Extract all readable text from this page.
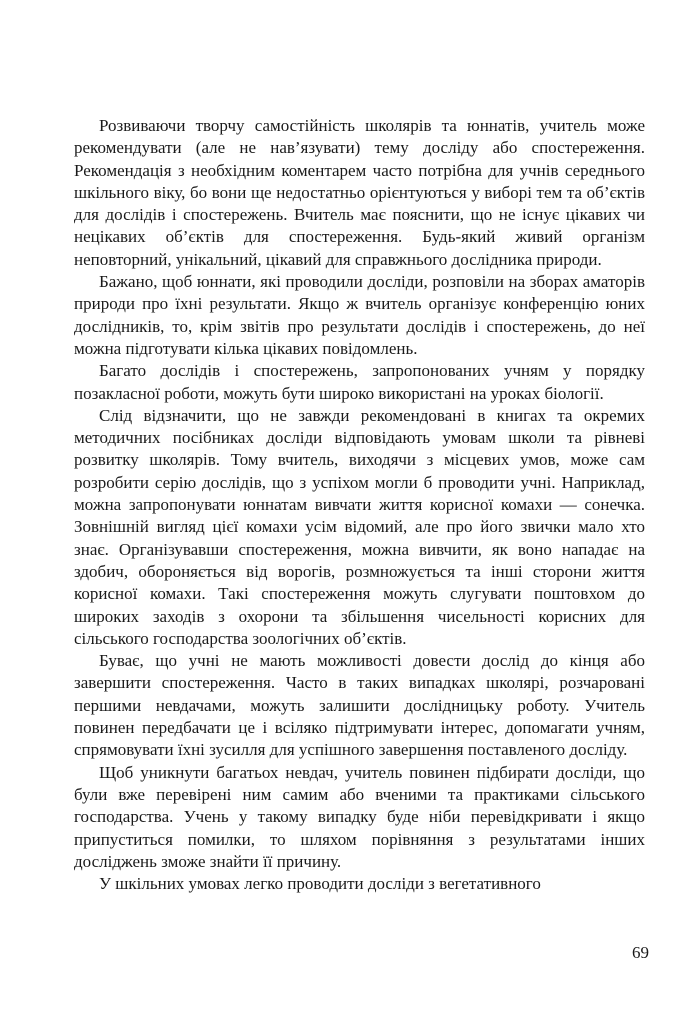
Розвиваючи творчу самостійність школярів та юннатів, учитель може рекомендувати (але не нав’язувати) тему досліду або спостереження. Рекомендація з необхідним коментарем часто потрібна для учнів середнього шкільного віку, бо вони ще недостатньо орієнтуються у виборі тем та об’єктів для дослідів і спостережень. Вчитель має пояснити, що не існує цікавих чи нецікавих об’єктів для спостереження. Будь-який живий організм неповторний, унікальний, цікавий для справжнього дослідника природи.

Бажано, щоб юннати, які проводили досліди, розповіли на зборах аматорів природи про їхні результати. Якщо ж вчитель організує конференцію юних дослідників, то, крім звітів про результати дослідів і спостережень, до неї можна підготувати кілька цікавих повідомлень.

Багато дослідів і спостережень, запропонованих учням у порядку позакласної роботи, можуть бути широко використані на уроках біології.

Слід відзначити, що не завжди рекомендовані в книгах та окремих методичних посібниках досліди відповідають умовам школи та рівневі розвитку школярів. Тому вчитель, виходячи з місцевих умов, може сам розробити серію дослідів, що з успіхом могли б проводити учні. Наприклад, можна запропонувати юннатам вивчати життя корисної комахи — сонечка. Зовнішній вигляд цієї комахи усім відомий, але про його звички мало хто знає. Організувавши спостереження, можна вивчити, як воно нападає на здобич, обороняється від ворогів, розмножується та інші сторони життя корисної комахи. Такі спостереження можуть слугувати поштовхом до широких заходів з охорони та збільшення чисельності корисних для сільського господарства зоологічних об’єктів.

Буває, що учні не мають можливості довести дослід до кінця або завершити спостереження. Часто в таких випадках школярі, розчаровані першими невдачами, можуть залишити дослідницьку роботу. Учитель повинен передбачати це і всіляко підтримувати інтерес, допомагати учням, спрямовувати їхні зусилля для успішного завершення поставленого досліду.

Щоб уникнути багатьох невдач, учитель повинен підбирати досліди, що були вже перевірені ним самим або вченими та практиками сільського господарства. Учень у такому випадку буде ніби перевідкривати і якщо припуститься помилки, то шляхом порівняння з результатами інших досліджень зможе знайти її причину.

У шкільних умовах легко проводити досліди з вегетативного

69
